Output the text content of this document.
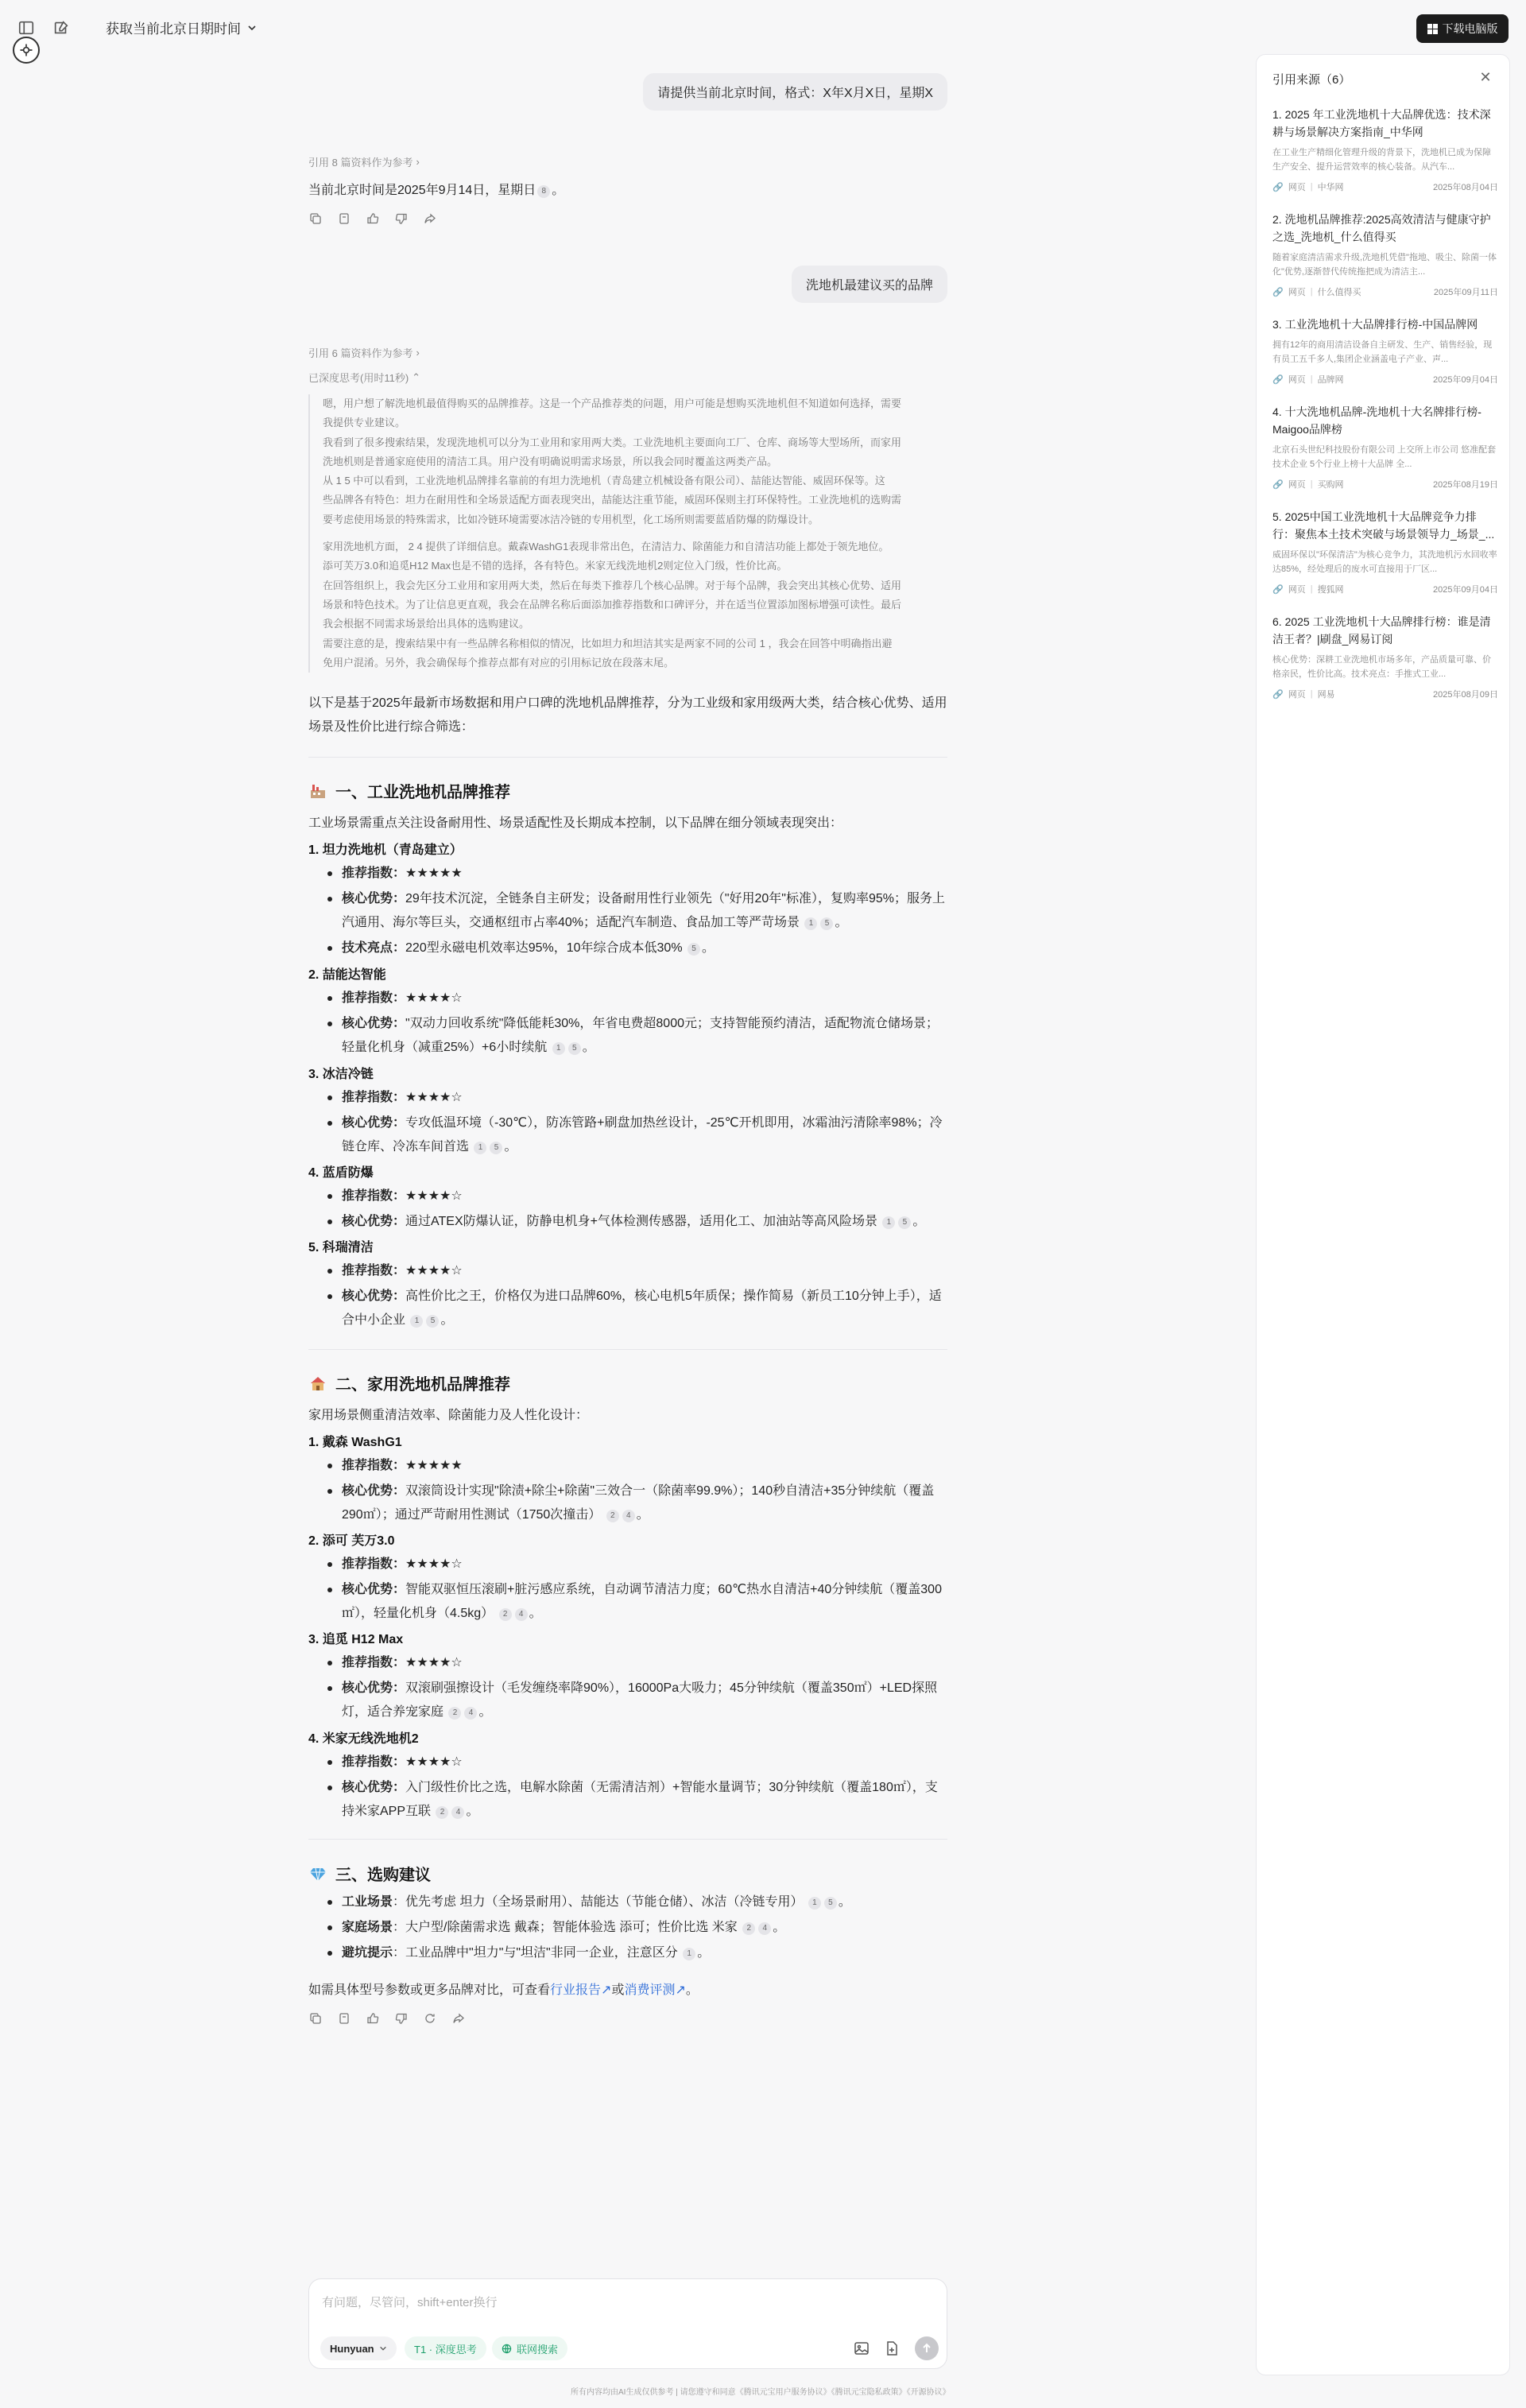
获取当前北京日期时间	下载电脑版
请提供当前北京时间，格式：X年X月X日，星期X
引用 8 篇资料作为参考 ›
当前北京时间是2025年9月14日，星期日 8 。
洗地机最建议买的品牌
引用 6 篇资料作为参考 ›
已深度思考(用时11秒) ⌃

嗯，用户想了解洗地机最值得购买的品牌推荐。这是一个产品推荐类的问题，用户可能是想购买洗地机但不知道如何选择，需要

我提供专业建议。

我看到了很多搜索结果，发现洗地机可以分为工业用和家用两大类。工业洗地机主要面向工厂、仓库、商场等大型场所，而家用

洗地机则是普通家庭使用的清洁工具。用户没有明确说明需求场景，所以我会同时覆盖这两类产品。

从 1 5 中可以看到，工业洗地机品牌排名靠前的有坦力洗地机（青岛建立机械设备有限公司）、喆能达智能、威固环保等。这

些品牌各有特色：坦力在耐用性和全场景适配方面表现突出，喆能达注重节能，威固环保则主打环保特性。工业洗地机的选购需

要考虑使用场景的特殊需求，比如冷链环境需要冰洁冷链的专用机型，化工场所则需要蓝盾防爆的防爆设计。

家用洗地机方面， 2 4 提供了详细信息。戴森WashG1表现非常出色，在清洁力、除菌能力和自清洁功能上都处于领先地位。

添可芙万3.0和追觅H12 Max也是不错的选择，各有特色。米家无线洗地机2则定位入门级，性价比高。

在回答组织上，我会先区分工业用和家用两大类，然后在每类下推荐几个核心品牌。对于每个品牌，我会突出其核心优势、适用

场景和特色技术。为了让信息更直观，我会在品牌名称后面添加推荐指数和口碑评分，并在适当位置添加图标增强可读性。最后

我会根据不同需求场景给出具体的选购建议。

需要注意的是，搜索结果中有一些品牌名称相似的情况，比如坦力和坦洁其实是两家不同的公司 1 ，我会在回答中明确指出避

免用户混淆。另外，我会确保每个推荐点都有对应的引用标记放在段落末尾。

以下是基于2025年最新市场数据和用户口碑的洗地机品牌推荐，分为工业级和家用级两大类，结合核心优势、适用场景及性价比进行综合筛选：
一、工业洗地机品牌推荐
工业场景需重点关注设备耐用性、场景适配性及长期成本控制，以下品牌在细分领域表现突出：
1. 坦力洗地机（青岛建立）
推荐指数：★★★★★
核心优势：29年技术沉淀，全链条自主研发；设备耐用性行业领先（"好用20年"标准），复购率95%；服务上汽通用、海尔等巨头，交通枢纽市占率40%；适配汽车制造、食品加工等严苛场景 1 5 。
技术亮点：220型永磁电机效率达95%，10年综合成本低30% 5 。
2. 喆能达智能
推荐指数：★★★★☆
核心优势："双动力回收系统"降低能耗30%，年省电费超8000元；支持智能预约清洁，适配物流仓储场景；轻量化机身（减重25%）+6小时续航 1 5 。
3. 冰洁冷链
推荐指数：★★★★☆
核心优势：专攻低温环境（-30℃），防冻管路+刷盘加热丝设计，-25℃开机即用，冰霜油污清除率98%；冷链仓库、冷冻车间首选 1 5 。
4. 蓝盾防爆
推荐指数：★★★★☆
核心优势：通过ATEX防爆认证，防静电机身+气体检测传感器，适用化工、加油站等高风险场景 1 5 。
5. 科瑞清洁
推荐指数：★★★★☆
核心优势：高性价比之王，价格仅为进口品牌60%，核心电机5年质保；操作简易（新员工10分钟上手），适合中小企业 1 5 。
二、家用洗地机品牌推荐
家用场景侧重清洁效率、除菌能力及人性化设计：
1. 戴森 WashG1
推荐指数：★★★★★
核心优势：双滚筒设计实现"除渍+除尘+除菌"三效合一（除菌率99.9%）；140秒自清洁+35分钟续航（覆盖290㎡）；通过严苛耐用性测试（1750次撞击） 2 4 。
2. 添可 芙万3.0
推荐指数：★★★★☆
核心优势：智能双驱恒压滚刷+脏污感应系统，自动调节清洁力度；60℃热水自清洁+40分钟续航（覆盖300㎡），轻量化机身（4.5kg） 2 4 。
3. 追觅 H12 Max
推荐指数：★★★★☆
核心优势：双滚刷强擦设计（毛发缠绕率降90%），16000Pa大吸力；45分钟续航（覆盖350㎡）+LED探照灯，适合养宠家庭 2 4 。
4. 米家无线洗地机2
推荐指数：★★★★☆
核心优势：入门级性价比之选，电解水除菌（无需清洁剂）+智能水量调节；30分钟续航（覆盖180㎡），支持米家APP互联 2 4 。
三、选购建议
工业场景：优先考虑 坦力（全场景耐用）、喆能达（节能仓储）、冰洁（冷链专用） 1 5 。
家庭场景：大户型/除菌需求选 戴森；智能体验选 添可；性价比选 米家 2 4 。
避坑提示：工业品牌中"坦力"与"坦洁"非同一企业，注意区分 1 。
如需具体型号参数或更多品牌对比，可查看行业报告↗或消费评测↗。
有问题，尽管问，shift+enter换行
Hunyuan	T1 · 深度思考	联网搜索
所有内容均由AI生成仅供参考 | 请您遵守和同意《腾讯元宝用户服务协议》《腾讯元宝隐私政策》《开源协议》
引用来源（6）	✕
1. 2025 年工业洗地机十大品牌优选：技术深耕与场景解决方案指南_中华网
在工业生产精细化管理升级的背景下，洗地机已成为保障生产安全、提升运营效率的核心装备。从汽车...
🔗 网页 | 中华网	2025年08月04日
2. 洗地机品牌推荐:2025高效清洁与健康守护之选_洗地机_什么值得买
随着家庭清洁需求升级,洗地机凭借"拖地、吸尘、除菌一体化"优势,逐渐替代传统拖把成为清洁主...
🔗 网页 | 什么值得买	2025年09月11日
3. 工业洗地机十大品牌排行榜-中国品牌网
拥有12年的商用清洁设备自主研发、生产、销售经验，现有员工五千多人,集团企业涵盖电子产业、声...
🔗 网页 | 品牌网	2025年09月04日
4. 十大洗地机品牌-洗地机十大名牌排行榜-Maigoo品牌榜
北京石头世纪科技股份有限公司 上交所上市公司 悠准配套技术企业 5个行业上榜十大品牌 全...
🔗 网页 | 买购网	2025年08月19日
5. 2025中国工业洗地机十大品牌竞争力排行：聚焦本土技术突破与场景领导力_场景_...
威固环保以"环保清洁"为核心竞争力，其洗地机污水回收率达85%，经处理后的废水可直接用于厂区...
🔗 网页 | 搜狐网	2025年09月04日
6. 2025 工业洗地机十大品牌排行榜：谁是清洁王者？|刷盘_网易订阅
核心优势：深耕工业洗地机市场多年，产品质量可靠、价格亲民，性价比高。技术亮点：手推式工业...
🔗 网页 | 网易	2025年08月09日
